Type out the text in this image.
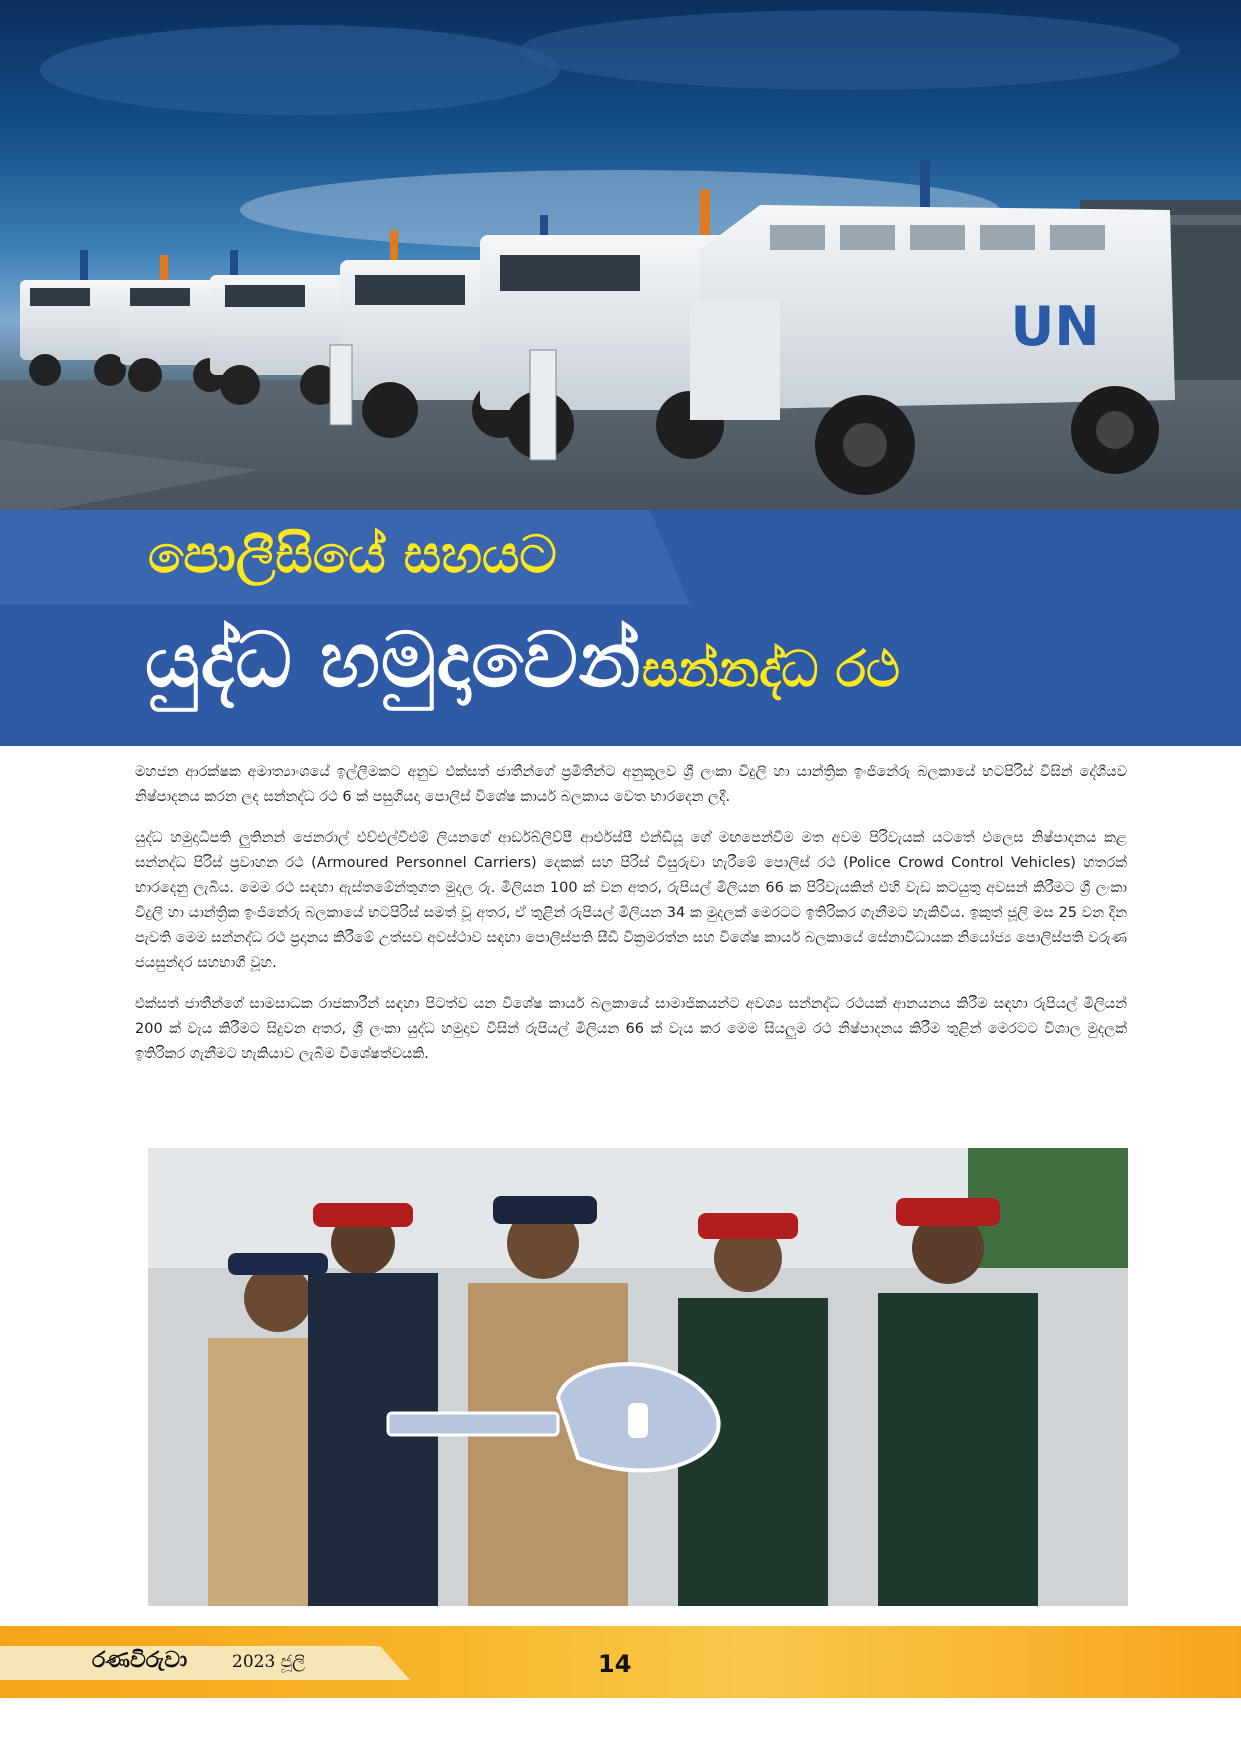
UN
පොලීසියේ සහයට
යුද්ධ හමුදාවෙන් සන්නද්ධ රථ

මහජන ආරක්ෂක අමාත්‍යාංශයේ ඉල්ලීමකට අනුව එක්සත් ජාතීන්ගේ ප්‍රමිතීන්ට අනුකූලව ශ්‍රී ලංකා විදුලි හා යාන්ත්‍රික ඉංජිනේරු බලකායේ භටපිරිස් විසින් දේශීයව නිෂ්පාදනය කරන ලද සන්නද්ධ රථ 6 ක් පසුගියදා පොලිස් විශේෂ කාර්ය බලකාය වෙත භාරදෙන ලදී.

යුද්ධ හමුදාධිපති ලුතිනන් ජෙනරාල් එච්එල්වීඑම් ලියනගේ ආර්ඩබ්ලිව්පී ආර්එස්පී එන්ඩීයූ ගේ මඟපෙන්වීම මත අවම පිරිවැයක් යටතේ එලෙස නිෂ්පාදනය කළ සන්නද්ධ පිරිස් ප්‍රවාහන රථ (Armoured Personnel Carriers) දෙකක් සහ පිරිස් විසුරුවා හැරීමේ පොලිස් රථ (Police Crowd Control Vehicles) හතරක් භාරදෙනු ලැබිය. මෙම රථ සඳහා ඇස්තමේන්තුගත මුදල රු. මිලියන 100 ක් වන අතර, රුපියල් මිලියන 66 ක පිරිවැයකින් එහි වැඩ කටයුතු අවසන් කිරීමට ශ්‍රී ලංකා විදුලි හා යාන්ත්‍රික ඉංජිනේරු බලකායේ භටපිරිස් සමත් වූ අතර, ඒ තුළින් රුපියල් මිලියන 34 ක මුදලක් මෙරටට ඉතිරිකර ගැනීමට හැකිවිය. ඉකුත් ජූලි මස 25 වන දින පැවති මෙම සන්නද්ධ රථ ප්‍රදානය කිරීමේ උත්සව අවස්ථාව සඳහා පොලිස්පති සීඩී වික්‍රමරත්න සහ විශේෂ කාර්ය බලකායේ සේනාවිධායක නියෝජ්‍ය පොලිස්පති වරුණ ජයසුන්දර සහභාගී වූහ.

එක්සත් ජාතීන්ගේ සාමසාධක රාජකාරීන් සඳහා පිටත්ව යන විශේෂ කාර්ය බලකායේ සාමාජිකයන්ට අවශ්‍ය සන්නද්ධ රථයක් ආනයනය කිරීම සඳහා රුපියල් මිලියන් 200 ක් වැය කිරීමට සිදුවන අතර, ශ්‍රී ලංකා යුද්ධ හමුදාව විසින් රුපියල් මිලියන 66 ක් වැය කර මෙම සියලුම රථ නිෂ්පාදනය කිරීම තුළින් මෙරටට විශාල මුදලක් ඉතිරිකර ගැනීමට හැකියාව ලැබීම විශේෂත්වයකි.

රණවිරුවා	2023 ජූලි	14
